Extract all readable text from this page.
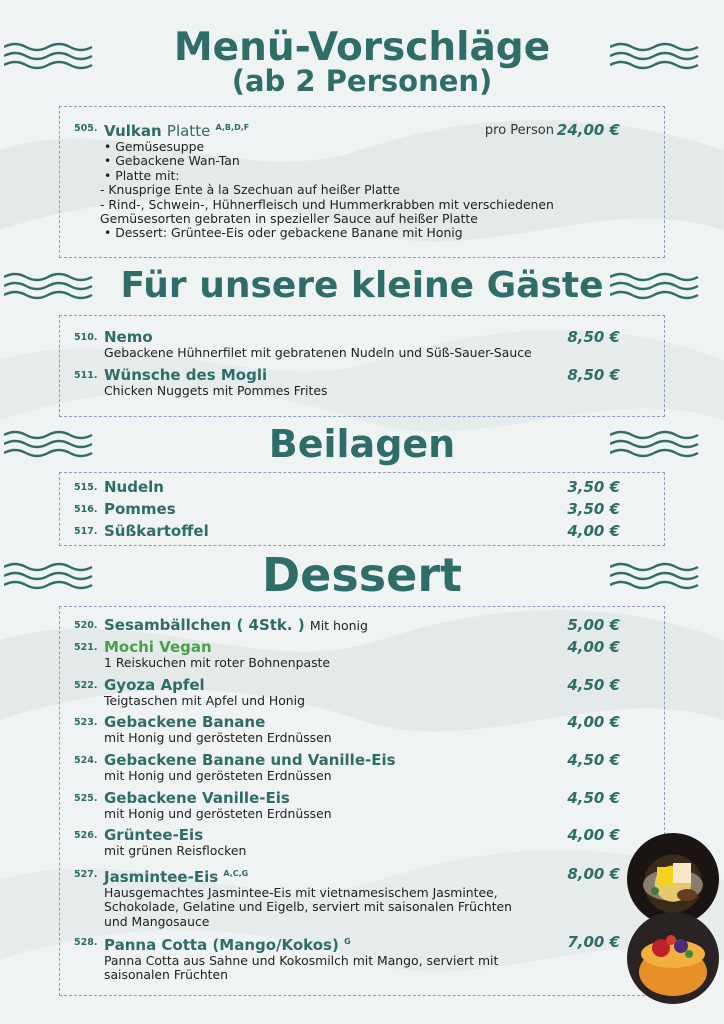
Menü-Vorschläge
(ab 2 Personen)
505. Vulkan Platte $^{A,B,D,F}$
• Gemüsesuppe
• Gebackene Wan-Tan
• Platte mit:
- Knusprige Ente à la Szechuan auf heißer Platte
- Rind-, Schwein-, Hühnerfleisch und Hummerkrabben mit verschiedenen
Gemüsesorten gebraten in spezieller Sauce auf heißer Platte
• Dessert: Grüntee-Eis oder gebackene Banane mit Honig
pro Person 24,00 €
Für unsere kleine Gäste
510. Nemo
Gebackene Hühnerfilet mit gebratenen Nudeln und Süß-Sauer-Sauce
8,50 €
511. Wünsche des Mogli
Chicken Nuggets mit Pommes Frites
8,50 €
Beilagen
515. Nudeln	3,50 €
516. Pommes	3,50 €
517. Süßkartoffel	4,00 €
Dessert
520. Sesambällchen ( 4Stk. ) Mit honig	5,00 €
521. Mochi Vegan
1 Reiskuchen mit roter Bohnenpaste
4,00 €
522. Gyoza Apfel
Teigtaschen mit Apfel und Honig
4,50 €
523. Gebackene Banane
mit Honig und gerösteten Erdnüssen
4,00 €
524. Gebackene Banane und Vanille-Eis
mit Honig und gerösteten Erdnüssen
4,50 €
525. Gebackene Vanille-Eis
mit Honig und gerösteten Erdnüssen
4,50 €
526. Grüntee-Eis
mit grünen Reisflocken
4,00 €
527. Jasmintee-Eis $^{A,C,G}$
Hausgemachtes Jasmintee-Eis mit vietnamesischem Jasmintee,
Schokolade, Gelatine und Eigelb, serviert mit saisonalen Früchten
und Mangosauce
8,00 €
528. Panna Cotta (Mango/Kokos) $^G$
Panna Cotta aus Sahne und Kokosmilch mit Mango, serviert mit
saisonalen Früchten
7,00 €
